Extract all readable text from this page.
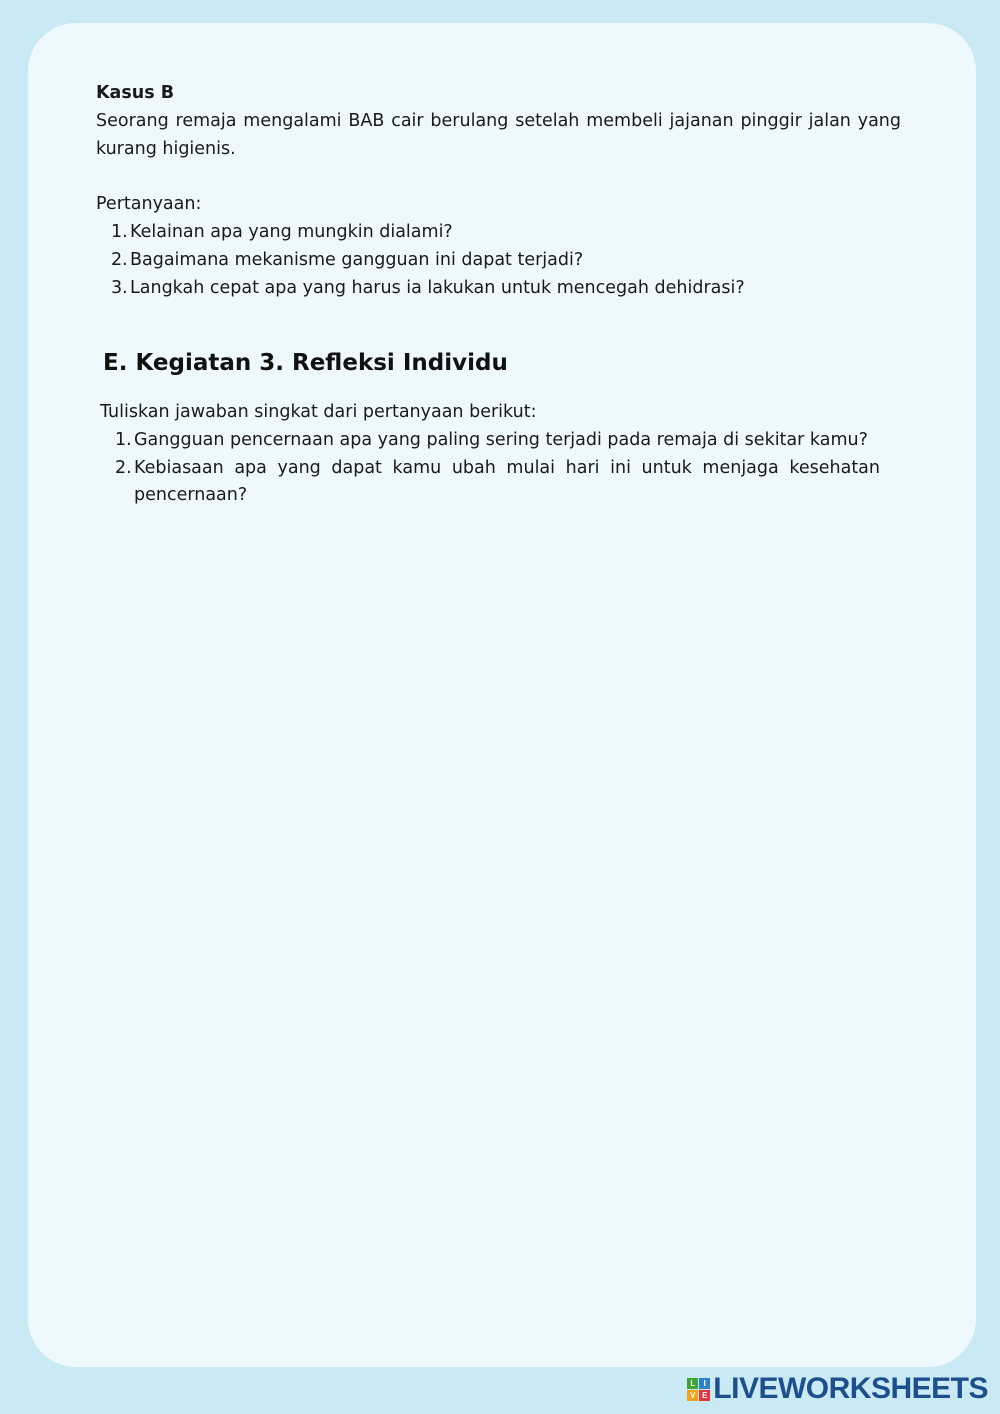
Kasus B

Seorang remaja mengalami BAB cair berulang setelah membeli jajanan pinggir jalan yang kurang higienis.

Pertanyaan:

1. Kelainan apa yang mungkin dialami?
2. Bagaimana mekanisme gangguan ini dapat terjadi?
3. Langkah cepat apa yang harus ia lakukan untuk mencegah dehidrasi?
E. Kegiatan 3. Refleksi Individu

Tuliskan jawaban singkat dari pertanyaan berikut:

1. Gangguan pencernaan apa yang paling sering terjadi pada remaja di sekitar kamu?
2. Kebiasaan apa yang dapat kamu ubah mulai hari ini untuk menjaga kesehatan pencernaan?
L	I
V E LIVEWORKSHEETS
